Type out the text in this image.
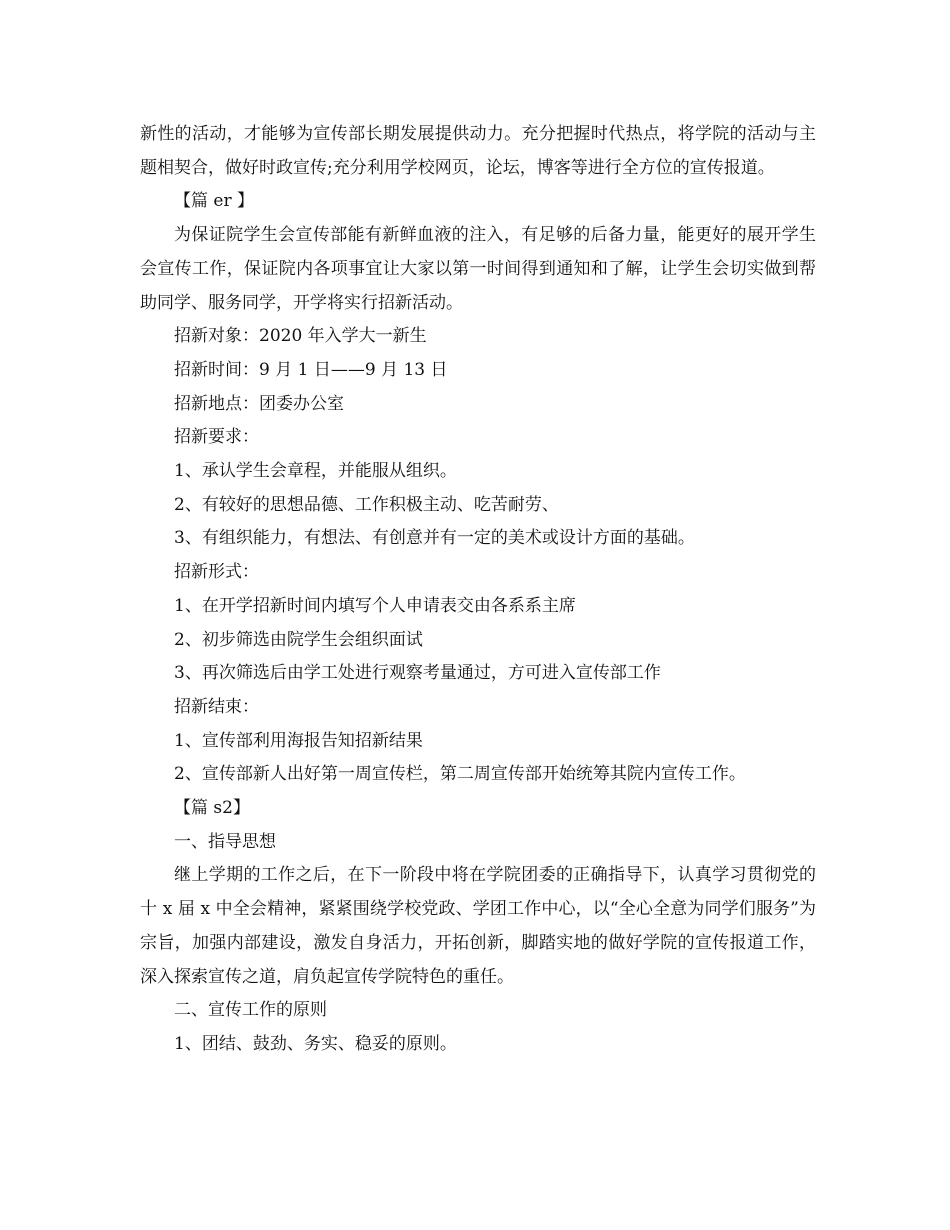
新性的活动，才能够为宣传部长期发展提供动力。充分把握时代热点，将学院的活动与主题相契合，做好时政宣传;充分利用学校网页，论坛，博客等进行全方位的宣传报道。

【篇 er 】

为保证院学生会宣传部能有新鲜血液的注入，有足够的后备力量，能更好的展开学生会宣传工作，保证院内各项事宜让大家以第一时间得到通知和了解，让学生会切实做到帮助同学、服务同学，开学将实行招新活动。

招新对象：2020 年入学大一新生

招新时间：9 月 1 日——9 月 13 日

招新地点：团委办公室

招新要求：

1、承认学生会章程，并能服从组织。

2、有较好的思想品德、工作积极主动、吃苦耐劳、

3、有组织能力，有想法、有创意并有一定的美术或设计方面的基础。

招新形式：

1、在开学招新时间内填写个人申请表交由各系系主席

2、初步筛选由院学生会组织面试

3、再次筛选后由学工处进行观察考量通过，方可进入宣传部工作

招新结束：

1、宣传部利用海报告知招新结果

2、宣传部新人出好第一周宣传栏，第二周宣传部开始统筹其院内宣传工作。

【篇 s2】

一、指导思想

继上学期的工作之后，在下一阶段中将在学院团委的正确指导下，认真学习贯彻党的十 x 届 x 中全会精神，紧紧围绕学校党政、学团工作中心，以“全心全意为同学们服务”为宗旨，加强内部建设，激发自身活力，开拓创新，脚踏实地的做好学院的宣传报道工作，深入探索宣传之道，肩负起宣传学院特色的重任。

二、宣传工作的原则

1、团结、鼓劲、务实、稳妥的原则。
